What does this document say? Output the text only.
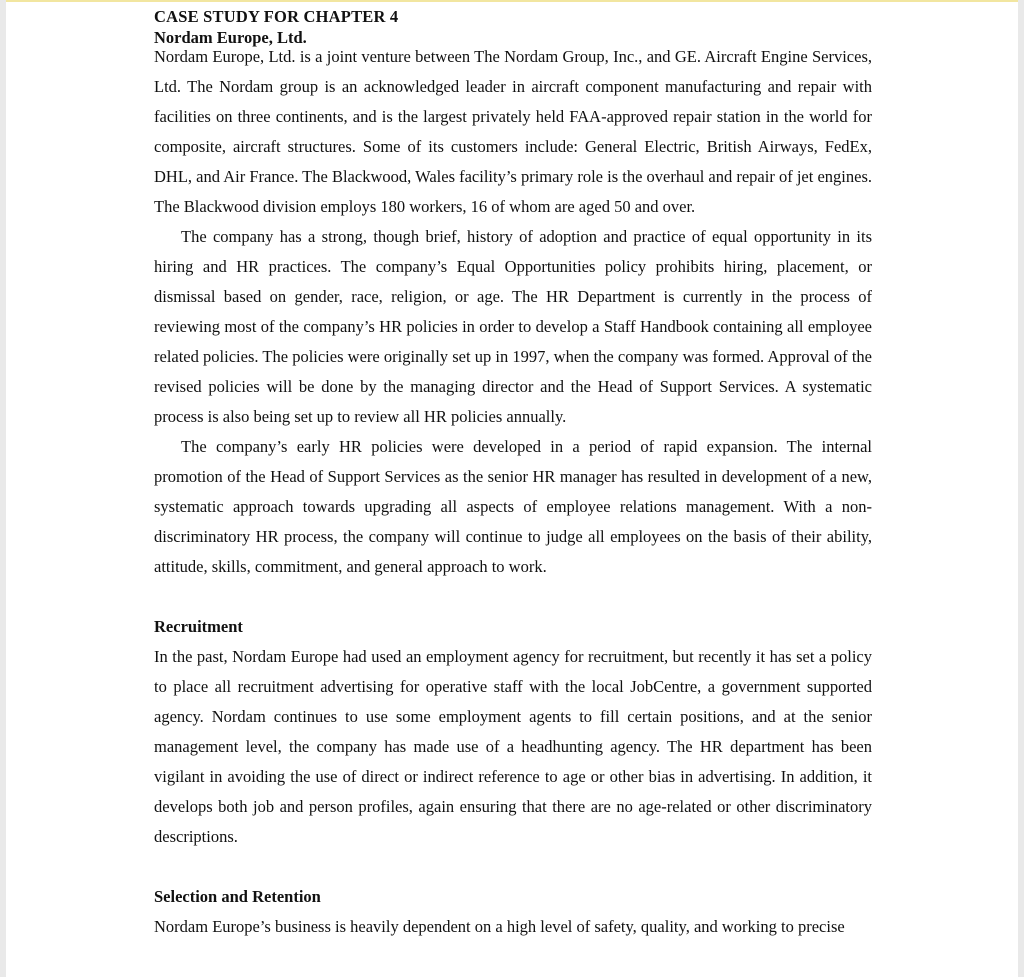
CASE STUDY FOR CHAPTER 4

Nordam Europe, Ltd.

Nordam Europe, Ltd. is a joint venture between The Nordam Group, Inc., and GE. Aircraft Engine Services, Ltd. The Nordam group is an acknowledged leader in aircraft component manufacturing and repair with facilities on three continents, and is the largest privately held FAA-approved repair station in the world for composite, aircraft structures. Some of its customers include: General Electric, British Airways, FedEx, DHL, and Air France. The Blackwood, Wales facility’s primary role is the overhaul and repair of jet engines. The Blackwood division employs 180 workers, 16 of whom are aged 50 and over.

The company has a strong, though brief, history of adoption and practice of equal opportunity in its hiring and HR practices. The company’s Equal Opportunities policy prohibits hiring, placement, or dismissal based on gender, race, religion, or age. The HR Department is currently in the process of reviewing most of the company’s HR policies in order to develop a Staff Handbook containing all employee related policies. The policies were originally set up in 1997, when the company was formed. Approval of the revised policies will be done by the managing director and the Head of Support Services. A systematic process is also being set up to review all HR policies annually.

The company’s early HR policies were developed in a period of rapid expansion. The internal promotion of the Head of Support Services as the senior HR manager has resulted in development of a new, systematic approach towards upgrading all aspects of employee relations management. With a non-discriminatory HR process, the company will continue to judge all employees on the basis of their ability, attitude, skills, commitment, and general approach to work.

Recruitment

In the past, Nordam Europe had used an employment agency for recruitment, but recently it has set a policy to place all recruitment advertising for operative staff with the local JobCentre, a government supported agency. Nordam continues to use some employment agents to fill certain positions, and at the senior management level, the company has made use of a headhunting agency. The HR department has been vigilant in avoiding the use of direct or indirect reference to age or other bias in advertising. In addition, it develops both job and person profiles, again ensuring that there are no age-related or other discriminatory descriptions.

Selection and Retention

Nordam Europe’s business is heavily dependent on a high level of safety, quality, and working to precise
